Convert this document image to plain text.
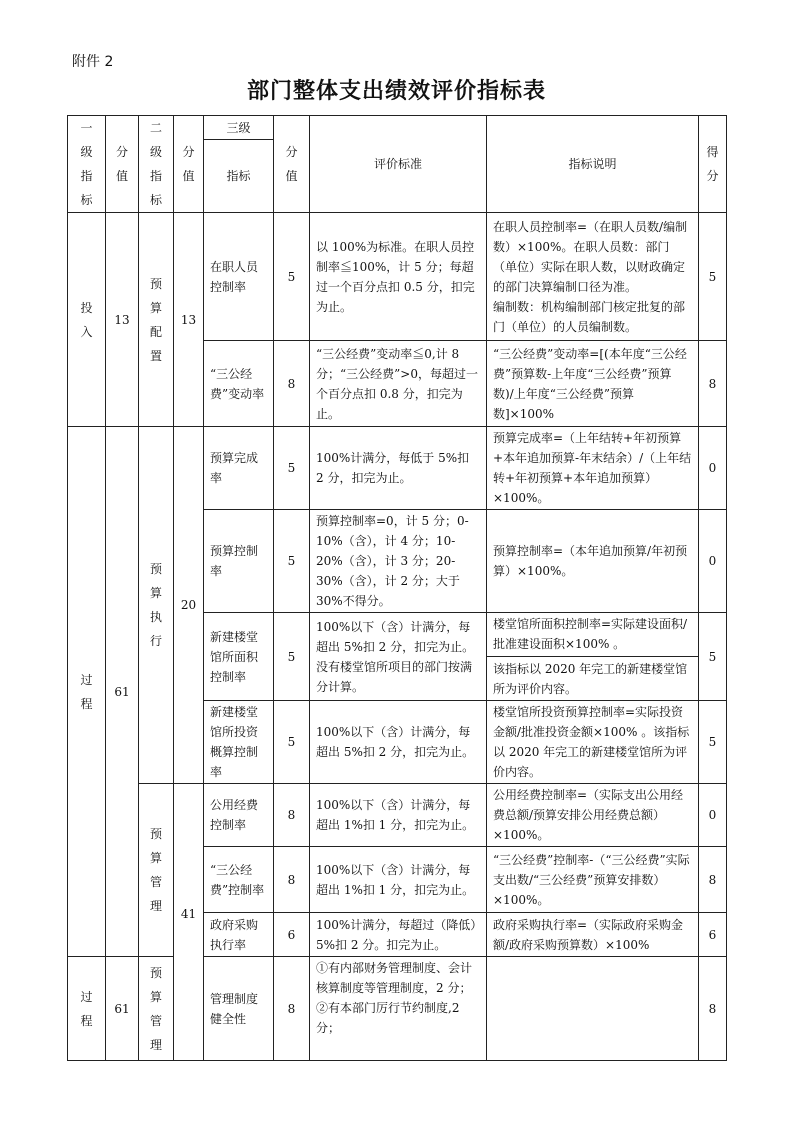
附件 2
部门整体支出绩效评价指标表
一级指标	分值	二级指标	分值	三级	分值	评价标准	指标说明	得分

				指标				

投入	13	预算配置	13	在职人员控制率	5	以 100%为标准。在职人员控制率≦100%，计 5 分；每超过一个百分点扣 0.5 分，扣完为止。	在职人员控制率=（在职人员数/编制数）×100%。在职人员数：部门（单位）实际在职人数，以财政确定的部门决算编制口径为准。
编制数：机构编制部门核定批复的部门（单位）的人员编制数。	5
				“三公经费”变动率	8	“三公经费”变动率≦0,计 8 分；“三公经费”>0，每超过一个百分点扣 0.8 分，扣完为止。	“三公经费”变动率=[(本年度“三公经费”预算数-上年度“三公经费”预算数)/上年度“三公经费”预算数]×100%	8

过程	61	预算执行	20	预算完成率	5	100%计满分，每低于 5%扣 2 分，扣完为止。	预算完成率=（上年结转+年初预算+本年追加预算-年末结余）/（上年结转+年初预算+本年追加预算）×100%。	0
				预算控制率	5	预算控制率=0，计 5 分；0-10%（含），计 4 分；10-20%（含），计 3 分；20-30%（含），计 2 分；大于 30%不得分。	预算控制率=（本年追加预算/年初预算）×100%。	0
				新建楼堂馆所面积控制率	5	100%以下（含）计满分，每超出 5%扣 2 分，扣完为止。没有楼堂馆所项目的部门按满分计算。	楼堂馆所面积控制率=实际建设面积/批准建设面积×100% 。
该指标以 2020 年完工的新建楼堂馆所为评价内容。	5
				新建楼堂馆所投资概算控制率	5	100%以下（含）计满分，每超出 5%扣 2 分，扣完为止。	楼堂馆所投资预算控制率=实际投资金额/批准投资金额×100% 。该指标以 2020 年完工的新建楼堂馆所为评价内容。	5

		预算管理	41	公用经费控制率	8	100%以下（含）计满分，每超出 1%扣 1 分，扣完为止。	公用经费控制率=（实际支出公用经费总额/预算安排公用经费总额）×100%。	0
				“三公经费”控制率	8	100%以下（含）计满分，每超出 1%扣 1 分，扣完为止。	“三公经费”控制率-（“三公经费”实际支出数/“三公经费”预算安排数）×100%。	8
				政府采购执行率	6	100%计满分，每超过（降低）5%扣 2 分。扣完为止。	政府采购执行率=（实际政府采购金额/政府采购预算数）×100%	6

过程	61	预算管理		管理制度健全性	8	①有内部财务管理制度、会计核算制度等管理制度，2 分；
②有本部门厉行节约制度,2 分；		8
